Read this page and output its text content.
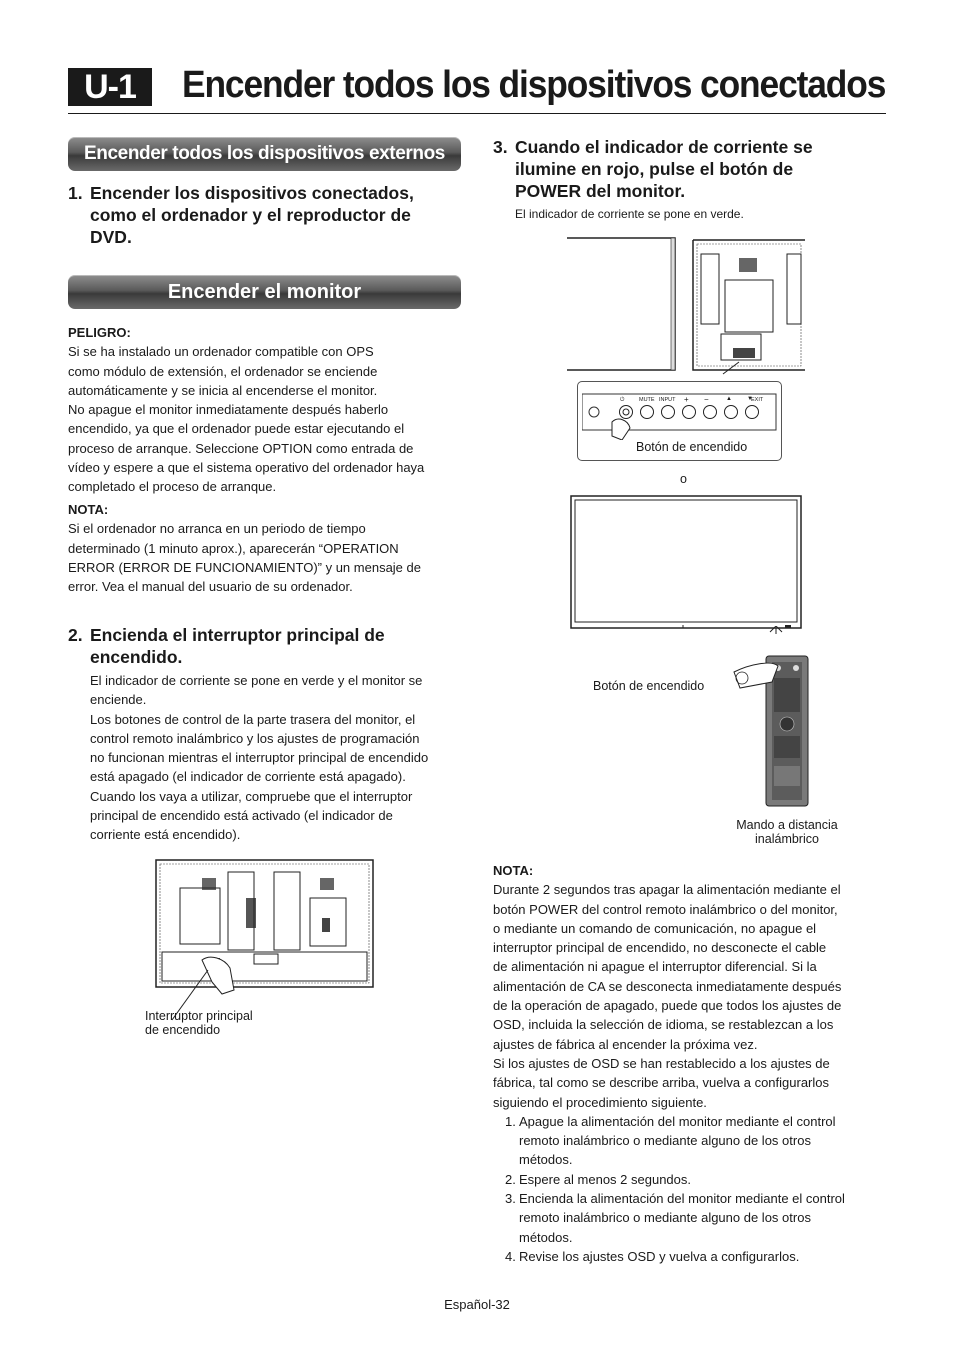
U-1	Encender todos los dispositivos conectados
Encender todos los dispositivos externos
1. Encender los dispositivos conectados,
como el ordenador y el reproductor de
DVD.
Encender el monitor
PELIGRO:
Si se ha instalado un ordenador compatible con OPS
como módulo de extensión, el ordenador se enciende
automáticamente y se inicia al encenderse el monitor.
No apague el monitor inmediatamente después haberlo
encendido, ya que el ordenador puede estar ejecutando el
proceso de arranque. Seleccione OPTION como entrada de
vídeo y espere a que el sistema operativo del ordenador haya
completado el proceso de arranque.
NOTA:
Si el ordenador no arranca en un periodo de tiempo
determinado (1 minuto aprox.), aparecerán “OPERATION
ERROR (ERROR DE FUNCIONAMIENTO)” y un mensaje de
error. Vea el manual del usuario de su ordenador.
2. Encienda el interruptor principal de
encendido.
El indicador de corriente se pone en verde y el monitor se
enciende.
Los botones de control de la parte trasera del monitor, el
control remoto inalámbrico y los ajustes de programación
no funcionan mientras el interruptor principal de encendido
está apagado (el indicador de corriente está apagado).
Cuando los vaya a utilizar, compruebe que el interruptor
principal de encendido está activado (el indicador de
corriente está encendido).
Interruptor principal
de encendido
3. Cuando el indicador de corriente se
ilumine en rojo, pulse el botón de
POWER del monitor.
El indicador de corriente se pone en verde.
⏻	MUTE INPUT + −	▲	▼
EXIT
Botón de encendido
o
Botón de encendido
Mando a distancia
inalámbrico
NOTA:
Durante 2 segundos tras apagar la alimentación mediante el
botón POWER del control remoto inalámbrico o del monitor,
o mediante un comando de comunicación, no apague el
interruptor principal de encendido, no desconecte el cable
de alimentación ni apague el interruptor diferencial. Si la
alimentación de CA se desconecta inmediatamente después
de la operación de apagado, puede que todos los ajustes de
OSD, incluida la selección de idioma, se restablezcan a los
ajustes de fábrica al encender la próxima vez.
Si los ajustes de OSD se han restablecido a los ajustes de
fábrica, tal como se describe arriba, vuelva a configurarlos
siguiendo el procedimiento siguiente.
1. Apague la alimentación del monitor mediante el control
remoto inalámbrico o mediante alguno de los otros
métodos.
2. Espere al menos 2 segundos.
3. Encienda la alimentación del monitor mediante el control
remoto inalámbrico o mediante alguno de los otros
métodos.
4. Revise los ajustes OSD y vuelva a configurarlos.
Español-32
